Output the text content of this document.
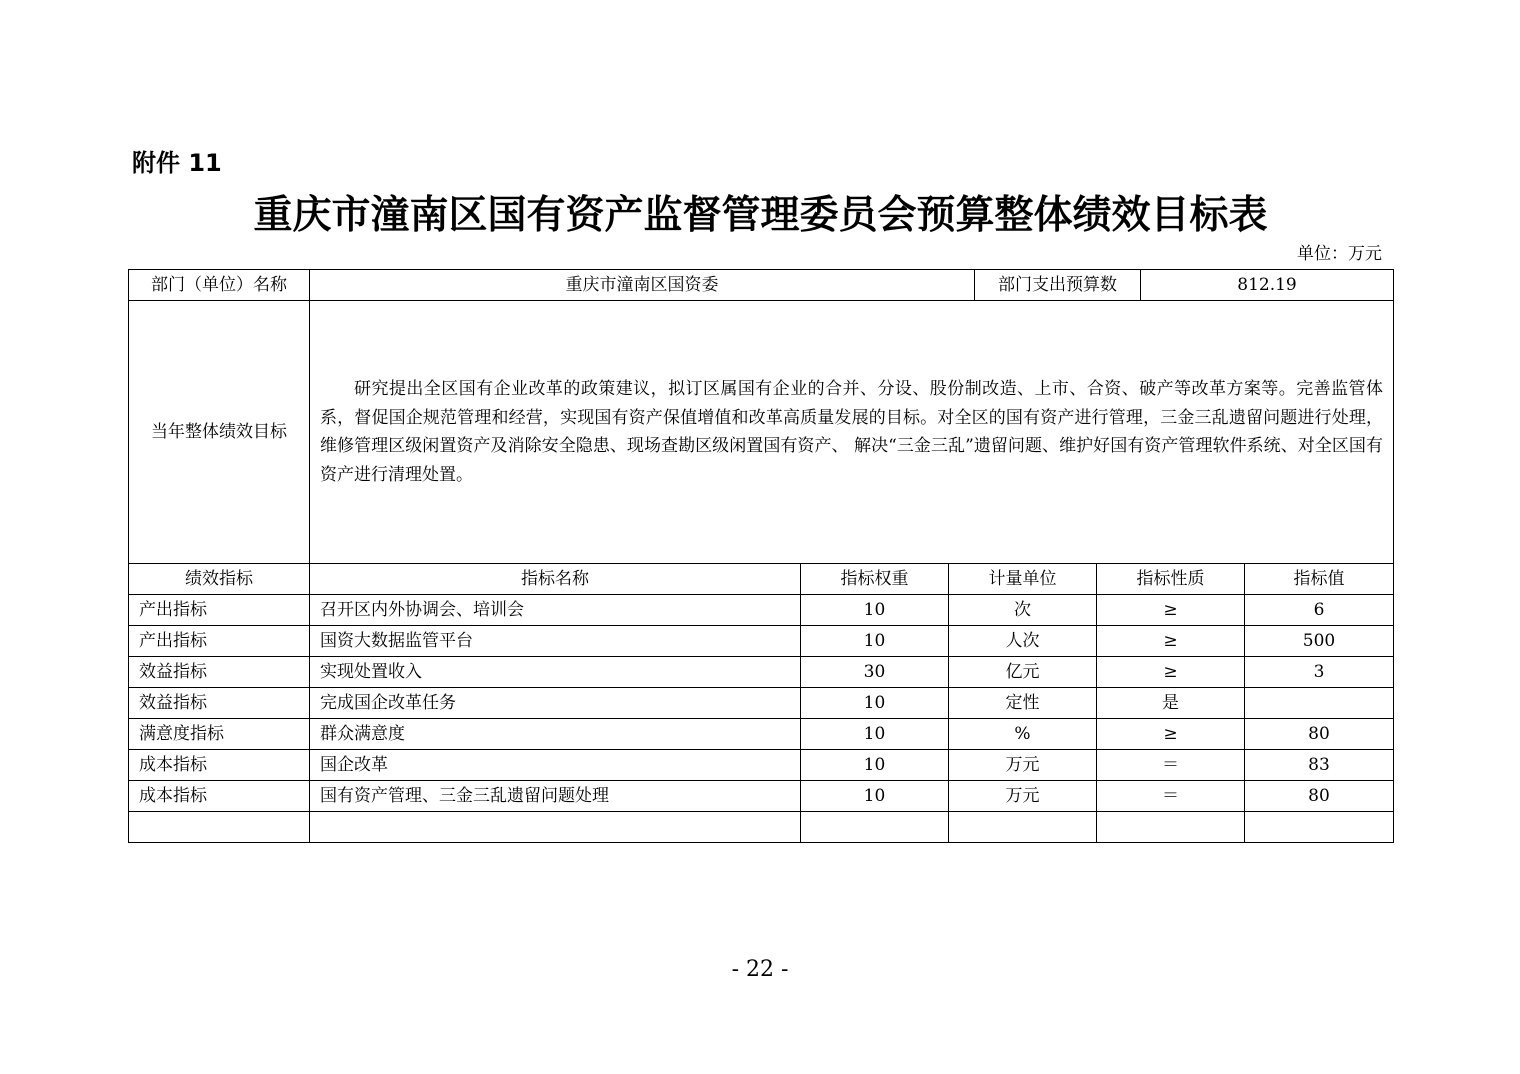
附件 11
重庆市潼南区国有资产监督管理委员会预算整体绩效目标表
单位：万元
部门（单位）名称	重庆市潼南区国资委 部门支出预算数 812.19				

当年整体绩效目标	研究提出全区国有企业改革的政策建议，拟订区属国有企业的合并、分设、股份制改造、上市、合资、破产等改革方案等。完善监管体系，督促国企规范管理和经营，实现国有资产保值增值和改革高质量发展的目标。对全区的国有资产进行管理，三金三乱遗留问题进行处理，维修管理区级闲置资产及消除安全隐患、现场查勘区级闲置国有资产、 解决“三金三乱”遗留问题、维护好国有资产管理软件系统、对全区国有资产进行清理处置。				

绩效指标	指标名称	指标权重	计量单位	指标性质	指标值
产出指标	召开区内外协调会、培训会	10	次	≥	6
产出指标	国资大数据监管平台	10	人次	≥	500
效益指标	实现处置收入	30	亿元	≥	3
效益指标	完成国企改革任务	10	定性	是	
满意度指标	群众满意度	10	%	≥	80
成本指标	国企改革	10	万元	＝	83
成本指标	国有资产管理、三金三乱遗留问题处理	10	万元	＝	80

- 22 -
